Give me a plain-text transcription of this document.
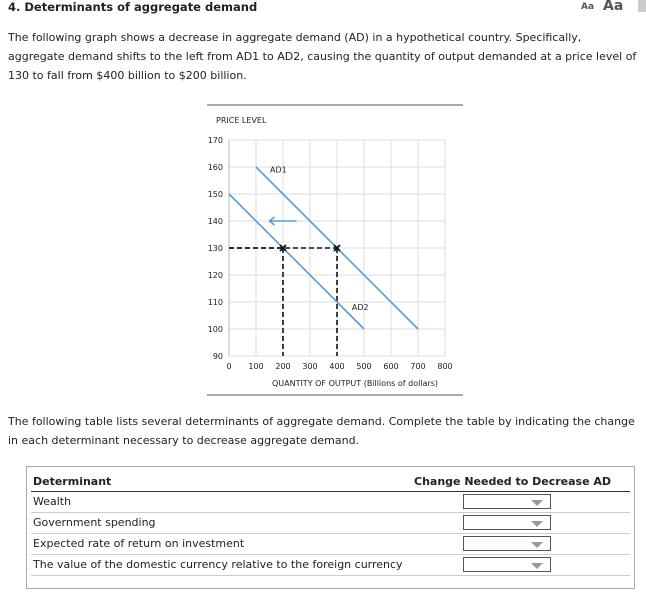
4. Determinants of aggregate demand	Aa Aa
The following graph shows a decrease in aggregate demand (AD) in a hypothetical country. Specifically, aggregate demand shifts to the left from AD1 to AD2, causing the quantity of output demanded at a price level of 130 to fall from $400 billion to $200 billion.
0 100 200 300 400 500 600 700 800
90
100
110
120
130
140
150
160
170
PRICE LEVEL
QUANTITY OF OUTPUT (Billions of dollars)
AD1
AD2
The following table lists several determinants of aggregate demand. Complete the table by indicating the change in each determinant necessary to decrease aggregate demand.
Determinant	Change Needed to Decrease AD
Wealth
Government spending
Expected rate of return on investment
The value of the domestic currency relative to the foreign currency
